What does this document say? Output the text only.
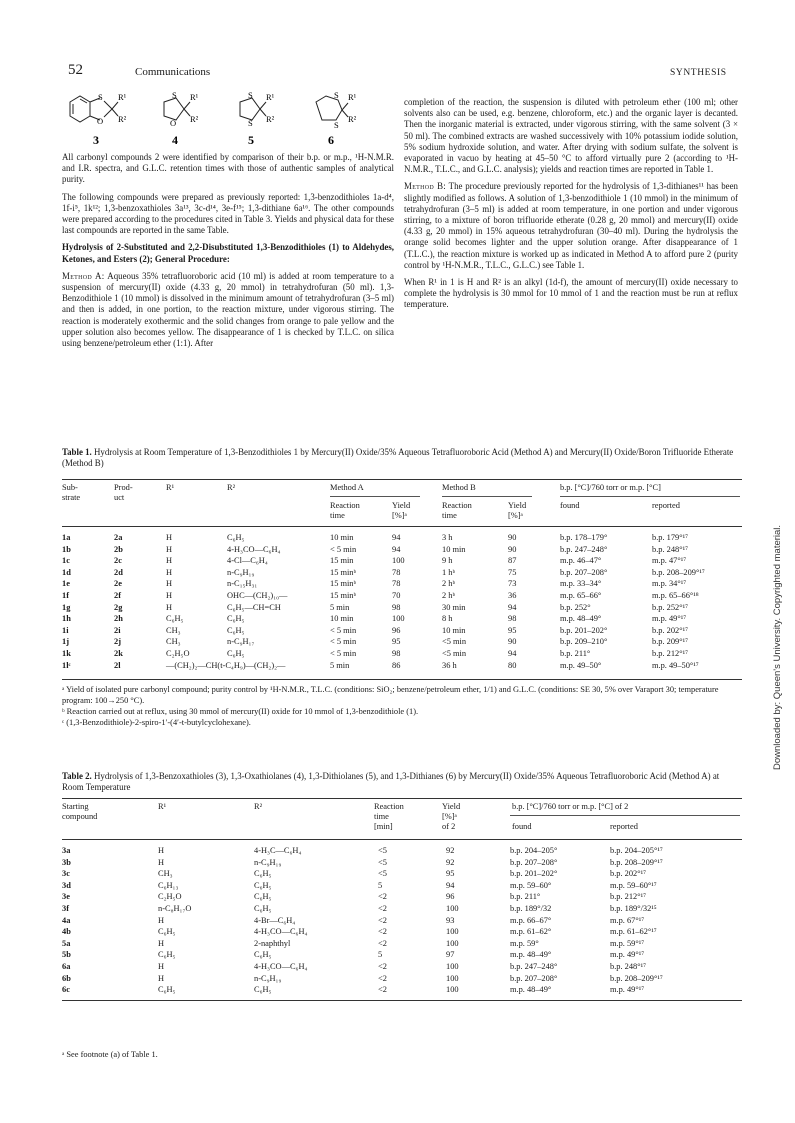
52	Communications	SYNTHESIS
S
O
R¹
R²
3
S
O
R¹
R²
4
S
S
R¹
R²
5
S
S
R¹
R²
6

All carbonyl compounds 2 were identified by comparison of their b.p. or m.p., ¹H-N.M.R. and I.R. spectra, and G.L.C. retention times with those of authentic samples of analytical purity.

The following compounds were prepared as previously reported: 1,3-benzodithioles 1a-d⁴, 1f-i⁵, 1k¹²; 1,3-benzoxathioles 3a¹³, 3c-d¹⁴, 3e-f¹⁵; 1,3-dithiane 6a¹⁶. The other compounds were prepared according to the procedures cited in Table 3. Yields and physical data for these last compounds are reported in the same Table.

Hydrolysis of 2-Substituted and 2,2-Disubstituted 1,3-Benzodithioles (1) to Aldehydes, Ketones, and Esters (2); General Procedure:

Method A: Aqueous 35% tetrafluoroboric acid (10 ml) is added at room temperature to a suspension of mercury(II) oxide (4.33 g, 20 mmol) in tetrahydrofuran (50 ml). 1,3-Benzodithiole 1 (10 mmol) is dissolved in the minimum amount of tetrahydrofuran (3–5 ml) and then is added, in one portion, to the reaction mixture, under vigorous stirring. The reaction is moderately exothermic and the solid changes from orange to pale yellow and the upper solution also becomes yellow. The disappearance of 1 is checked by T.L.C. on silica using benzene/petroleum ether (1:1). After

completion of the reaction, the suspension is diluted with petroleum ether (100 ml; other solvents also can be used, e.g. benzene, chloroform, etc.) and the organic layer is decanted. Then the inorganic material is extracted, under vigorous stirring, with the same solvent (3 × 50 ml). The combined extracts are washed successively with 10% potassium iodide solution, 5% sodium hydroxide solution, and water. After drying with sodium sulfate, the solvent is evaporated in vacuo by heating at 45–50 °C to afford virtually pure 2 (according to ¹H-N.M.R., T.L.C., and G.L.C. analysis); yields and reaction times are reported in Table 1.

Method B: The procedure previously reported for the hydrolysis of 1,3-dithianes¹¹ has been slightly modified as follows. A solution of 1,3-benzodithiole 1 (10 mmol) in the minimum of tetrahydrofuran (3–5 ml) is added at room temperature, in one portion and under vigorous stirring, to a mixture of boron trifluoride etherate (0.28 g, 20 mmol) and mercury(II) oxide (4.33 g, 20 mmol) in 15% aqueous tetrahydrofuran (30–40 ml). During the hydrolysis the orange solid becomes lighter and the upper solution orange. After disappearance of 1 (T.L.C.), the reaction mixture is worked up as indicated in Method A to afford pure 2 (purity control by ¹H-N.M.R., T.L.C., G.L.C.) see Table 1.

When R¹ in 1 is H and R² is an alkyl (1d-f), the amount of mercury(II) oxide necessary to complete the hydrolysis is 30 mmol for 10 mmol of 1 and the reaction must be run at reflux temperature.

Table 1. Hydrolysis at Room Temperature of 1,3-Benzodithioles 1 by Mercury(II) Oxide/35% Aqueous Tetrafluoroboric Acid (Method A) and Mercury(II) Oxide/Boron Trifluoride Etherate (Method B)
Sub-
strate
Prod-
uct
R¹	R²	Method A	Method B	b.p. [°C]/760 torr or m.p. [°C]
Reaction
time
Yield
[%]ᵃ
Reaction
time
Yield
[%]ᵃ
found	reported
1a	2a	H	C₆H₅	10 min	94	3 h	90	b.p. 178–179°	b.p. 179°¹⁷
1b	2b	H	4-H₃CO—C₆H₄	< 5 min	94	10 min	90	b.p. 247–248°	b.p. 248°¹⁷
1c	2c	H	4-Cl—C₆H₄	15 min	100	9 h	87	m.p. 46–47°	m.p. 47°¹⁷
1d	2d	H	n-C₉H₁₉	15 minᵇ	78	1 hᵇ	75	b.p. 207–208°	b.p. 208–209°¹⁷
1e	2e	H	n-C₁₅H₃₁	15 minᵇ	78	2 hᵇ	73	m.p. 33–34°	m.p. 34°¹⁷
1f	2f	H	OHC—(CH₂)₁₀—	15 minᵇ	70	2 hᵇ	36	m.p. 65–66°	m.p. 65–66°¹⁸
1g	2g	H	C₆H₅—CH=CH	5 min	98	30 min	94	b.p. 252°	b.p. 252°¹⁷
1h	2h	C₆H₅	C₆H₅	10 min	100	8 h	98	m.p. 48–49°	m.p. 49°¹⁷
1i	2i	CH₃	C₆H₅	< 5 min	96	10 min	95	b.p. 201–202°	b.p. 202°¹⁷
1j	2j	CH₃	n-C₉H₁₇	< 5 min	95	<5 min	90	b.p. 209–210°	b.p. 209°¹⁷
1k	2k	C₂H₅O	C₆H₅	< 5 min	98	<5 min	94	b.p. 211°	b.p. 212°¹⁷
1lᶜ	2l	—(CH₂)₂—CH(t-C₄H₉)—(CH₂)₂—		5 min	86	36 h	80	m.p. 49–50°	m.p. 49–50°¹⁷
ᵃ Yield of isolated pure carbonyl compound; purity control by ¹H-N.M.R., T.L.C. (conditions: SiO₂; benzene/petroleum ether, 1/1) and G.L.C. (conditions: SE 30, 5% over Varaport 30; temperature program: 100→250 °C).
ᵇ Reaction carried out at reflux, using 30 mmol of mercury(II) oxide for 10 mmol of 1,3-benzodithiole (1).
ᶜ (1,3-Benzodithiole)-2-spiro-1′-(4′-t-butylcyclohexane).
Table 2. Hydrolysis of 1,3-Benzoxathioles (3), 1,3-Oxathiolanes (4), 1,3-Dithiolanes (5), and 1,3-Dithianes (6) by Mercury(II) Oxide/35% Aqueous Tetrafluoroboric Acid (Method A) at Room Temperature
Starting
compound
R¹	R²	Reaction
time
[min]
Yield
[%]ᵃ
of 2
b.p. [°C]/760 torr or m.p. [°C] of 2
found	reported
3a	H	4-H₃C—C₆H₄	<5	92	b.p. 204–205°	b.p. 204–205°¹⁷
3b	H	n-C₉H₁₉	<5	92	b.p. 207–208°	b.p. 208–209°¹⁷
3c	CH₃	C₆H₅	<5	95	b.p. 201–202°	b.p. 202°¹⁷
3d	C₆H₁₃	C₆H₅	5	94	m.p. 59–60°	m.p. 59–60°¹⁷
3e	C₂H₅O	C₆H₅	<2	96	b.p. 211°	b.p. 212°¹⁷
3f	n-C₈H₁₇O	C₆H₅	<2	100	b.p. 189°/32	b.p. 189°/32¹⁵
4a	H	4-Br—C₆H₄	<2	93	m.p. 66–67°	m.p. 67°¹⁷
4b	C₆H₅	4-H₃CO—C₆H₄	<2	100	m.p. 61–62°	m.p. 61–62°¹⁷
5a	H	2-naphthyl	<2	100	m.p. 59°	m.p. 59°¹⁷
5b	C₆H₅	C₆H₅	5	97	m.p. 48–49°	m.p. 49°¹⁷
6a	H	4-H₃CO—C₆H₄	<2	100	b.p. 247–248°	b.p. 248°¹⁷
6b	H	n-C₉H₁₉	<2	100	b.p. 207–208°	b.p. 208–209°¹⁷
6c	C₆H₅	C₆H₅	<2	100	m.p. 48–49°	m.p. 49°¹⁷
ᵃ See footnote (a) of Table 1.
Downloaded by: Queen's University. Copyrighted material.
